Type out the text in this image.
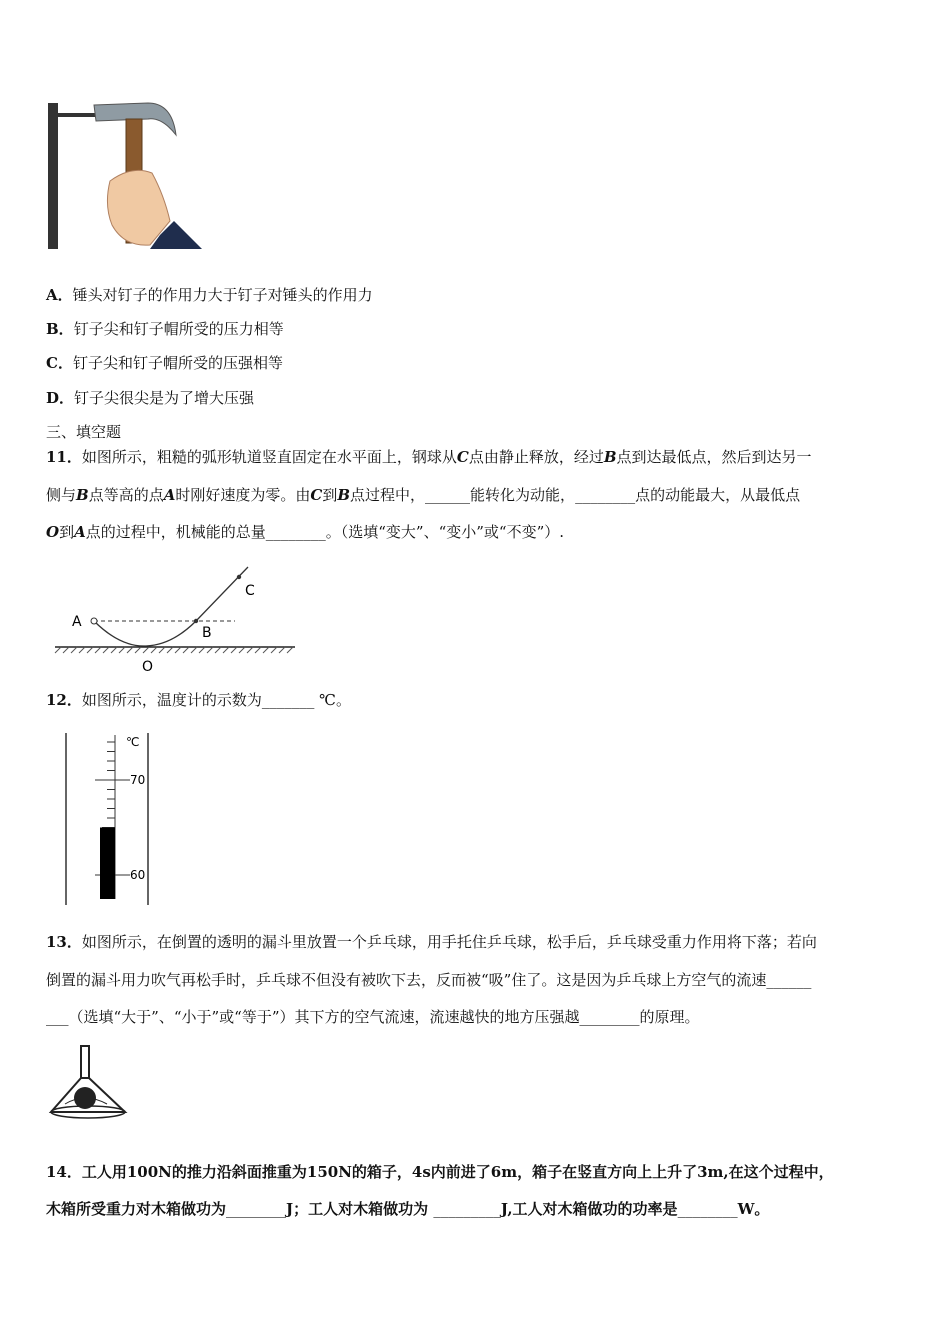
A．锤头对钉子的作用力大于钉子对锤头的作用力
B．钉子尖和钉子帽所受的压力相等
C．钉子尖和钉子帽所受的压强相等
D．钉子尖很尖是为了增大压强
三、填空题
11．如图所示，粗糙的弧形轨道竖直固定在水平面上，钢球从C点由静止释放，经过B点到达最低点，然后到达另一
侧与B点等高的点A时刚好速度为零。由C到B点过程中，______能转化为动能，________点的动能最大，从最低点
O到A点的过程中，机械能的总量________。（选填“变大”、“变小”或“不变”）.
A
B
C
O
12．如图所示，温度计的示数为_______ ℃。
℃
70
60
13．如图所示，在倒置的透明的漏斗里放置一个乒乓球，用手托住乒乓球，松手后，乒乓球受重力作用将下落；若向
倒置的漏斗用力吹气再松手时，乒乓球不但没有被吹下去，反而被“吸”住了。这是因为乒乓球上方空气的流速______
___（选填“大于”、“小于”或“等于”）其下方的空气流速，流速越快的地方压强越________的原理。
14．工人用100N的推力沿斜面推重为150N的箱子，4s内前进了6m，箱子在竖直方向上上升了3m,在这个过程中，
木箱所受重力对木箱做功为________J；工人对木箱做功为 _________J,工人对木箱做功的功率是________W。
